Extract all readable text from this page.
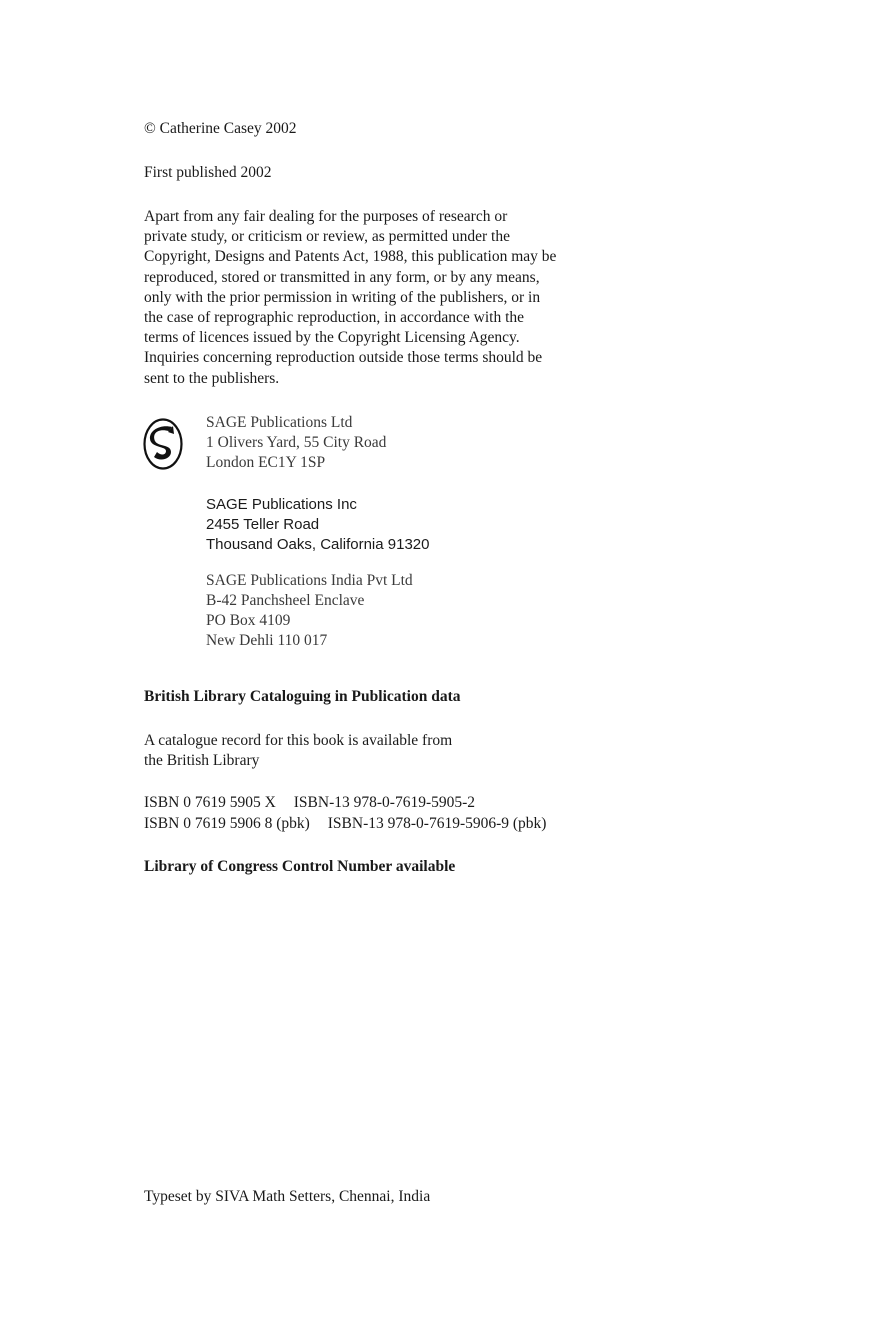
© Catherine Casey 2002
First published 2002
Apart from any fair dealing for the purposes of research or
private study, or criticism or review, as permitted under the
Copyright, Designs and Patents Act, 1988, this publication may be
reproduced, stored or transmitted in any form, or by any means,
only with the prior permission in writing of the publishers, or in
the case of reprographic reproduction, in accordance with the
terms of licences issued by the Copyright Licensing Agency.
Inquiries concerning reproduction outside those terms should be
sent to the publishers.
SAGE Publications Ltd
1 Olivers Yard, 55 City Road
London EC1Y 1SP
SAGE Publications Inc
2455 Teller Road
Thousand Oaks, California 91320
SAGE Publications India Pvt Ltd
B-42 Panchsheel Enclave
PO Box 4109
New Dehli 110 017
British Library Cataloguing in Publication data
A catalogue record for this book is available from
the British Library
ISBN 0 7619 5905 X ISBN-13 978-0-7619-5905-2
ISBN 0 7619 5906 8 (pbk) ISBN-13 978-0-7619-5906-9 (pbk)
Library of Congress Control Number available
Typeset by SIVA Math Setters, Chennai, India
